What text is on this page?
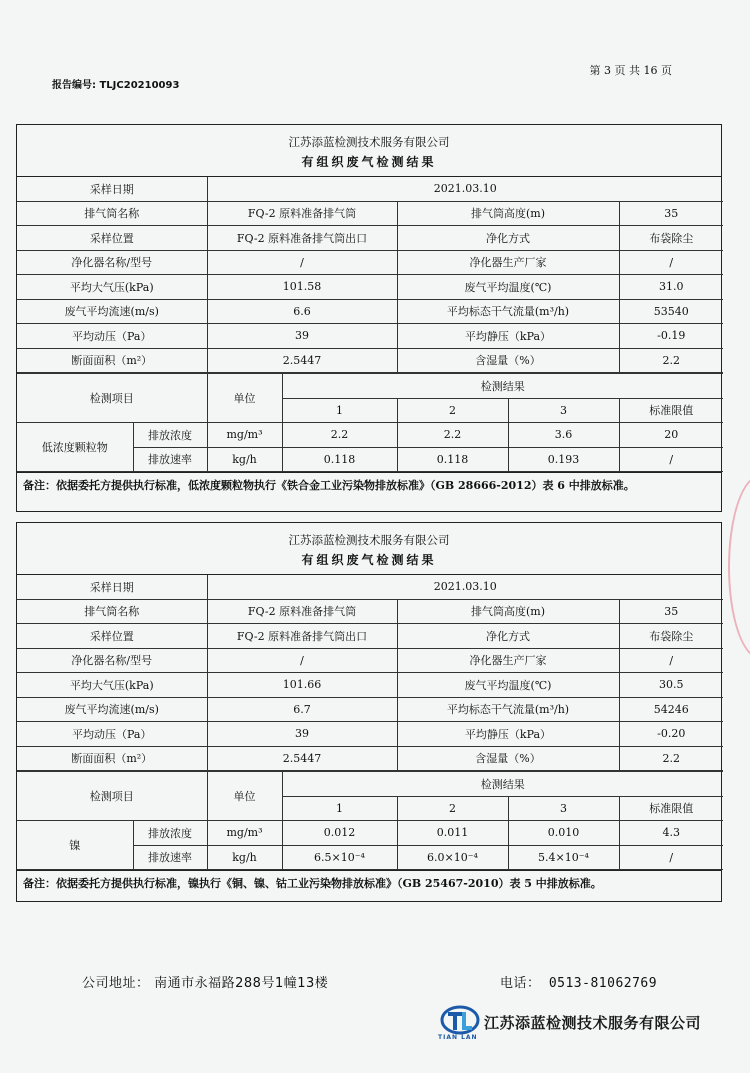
报告编号: TLJC20210093
第 3 页 共 16 页
江苏添蓝检测技术服务有限公司
有组织废气检测结果
采样日期	2021.03.10		
排气筒名称	FQ-2 原料准备排气筒	排气筒高度(m)	35
采样位置	FQ-2 原料准备排气筒出口	净化方式	布袋除尘
净化器名称/型号	/	净化器生产厂家	/
平均大气压(kPa)	101.58	废气平均温度(℃)	31.0
废气平均流速(m/s)	6.6	平均标态干气流量(m³/h)	53540
平均动压（Pa）	39	平均静压（kPa）	-0.19
断面面积（m²）	2.5447	含湿量（%）	2.2
检测项目		单位	检测结果			
			1	2	3	标准限值
低浓度颗粒物	排放浓度	mg/m³	2.2	2.2	3.6	20
	排放速率	kg/h	0.118	0.118	0.193	/
备注：依据委托方提供执行标准，低浓度颗粒物执行《铁合金工业污染物排放标准》（GB 28666-2012）表 6 中排放标准。
江苏添蓝检测技术服务有限公司
有组织废气检测结果
采样日期	2021.03.10		
排气筒名称	FQ-2 原料准备排气筒	排气筒高度(m)	35
采样位置	FQ-2 原料准备排气筒出口	净化方式	布袋除尘
净化器名称/型号	/	净化器生产厂家	/
平均大气压(kPa)	101.66	废气平均温度(℃)	30.5
废气平均流速(m/s)	6.7	平均标态干气流量(m³/h)	54246
平均动压（Pa）	39	平均静压（kPa）	-0.20
断面面积（m²）	2.5447	含湿量（%）	2.2
检测项目		单位	检测结果			
			1	2	3	标准限值
镍	排放浓度	mg/m³	0.012	0.011	0.010	4.3
	排放速率	kg/h	6.5×10⁻⁴	6.0×10⁻⁴	5.4×10⁻⁴	/
备注：依据委托方提供执行标准，镍执行《铜、镍、钴工业污染物排放标准》（GB 25467-2010）表 5 中排放标准。
公司地址： 南通市永福路288号1幢13楼	电话： 0513-81062769
TIAN LAN
江苏添蓝检测技术服务有限公司
